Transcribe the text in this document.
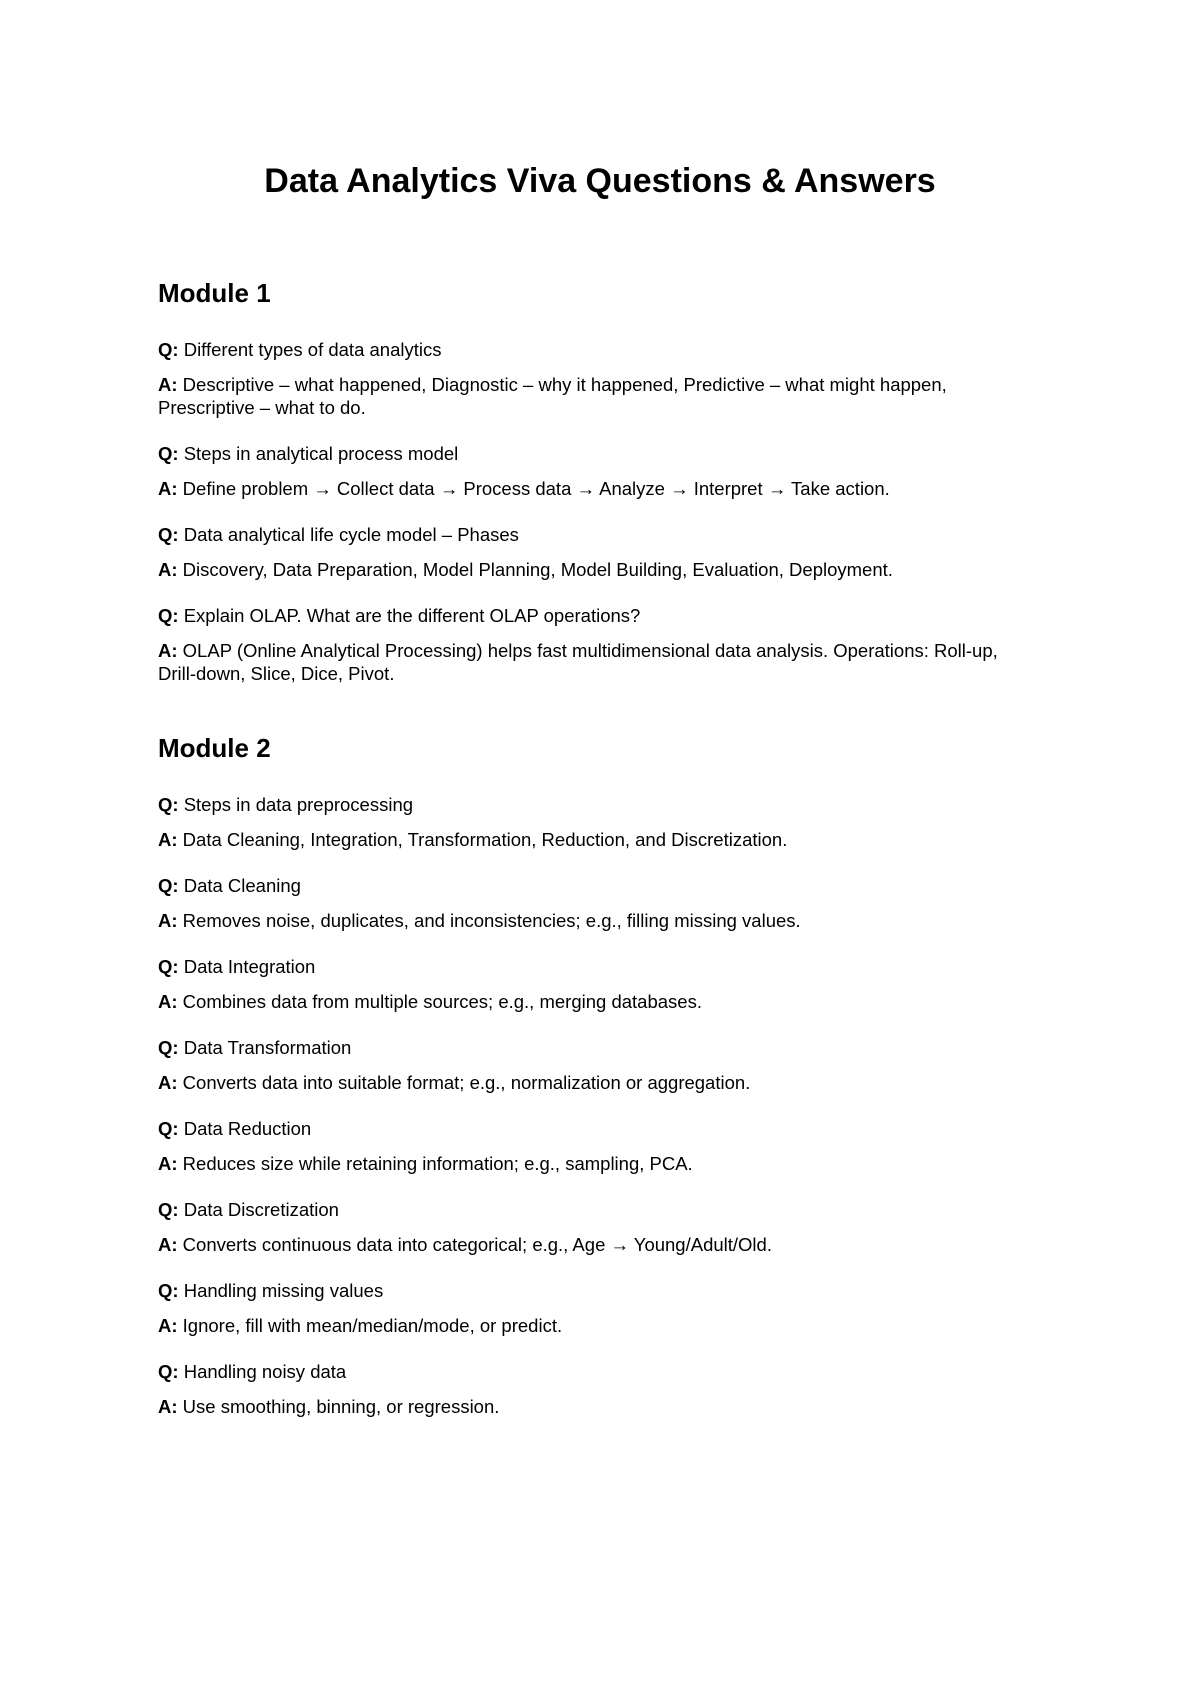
Data Analytics Viva Questions & Answers
Module 1

Q: Different types of data analytics

A: Descriptive – what happened, Diagnostic – why it happened, Predictive – what might happen, Prescriptive – what to do.

Q: Steps in analytical process model

A: Define problem → Collect data → Process data → Analyze → Interpret → Take action.

Q: Data analytical life cycle model – Phases

A: Discovery, Data Preparation, Model Planning, Model Building, Evaluation, Deployment.

Q: Explain OLAP. What are the different OLAP operations?

A: OLAP (Online Analytical Processing) helps fast multidimensional data analysis. Operations: Roll-up, Drill-down, Slice, Dice, Pivot.

Module 2

Q: Steps in data preprocessing

A: Data Cleaning, Integration, Transformation, Reduction, and Discretization.

Q: Data Cleaning

A: Removes noise, duplicates, and inconsistencies; e.g., filling missing values.

Q: Data Integration

A: Combines data from multiple sources; e.g., merging databases.

Q: Data Transformation

A: Converts data into suitable format; e.g., normalization or aggregation.

Q: Data Reduction

A: Reduces size while retaining information; e.g., sampling, PCA.

Q: Data Discretization

A: Converts continuous data into categorical; e.g., Age → Young/Adult/Old.

Q: Handling missing values

A: Ignore, fill with mean/median/mode, or predict.

Q: Handling noisy data

A: Use smoothing, binning, or regression.
